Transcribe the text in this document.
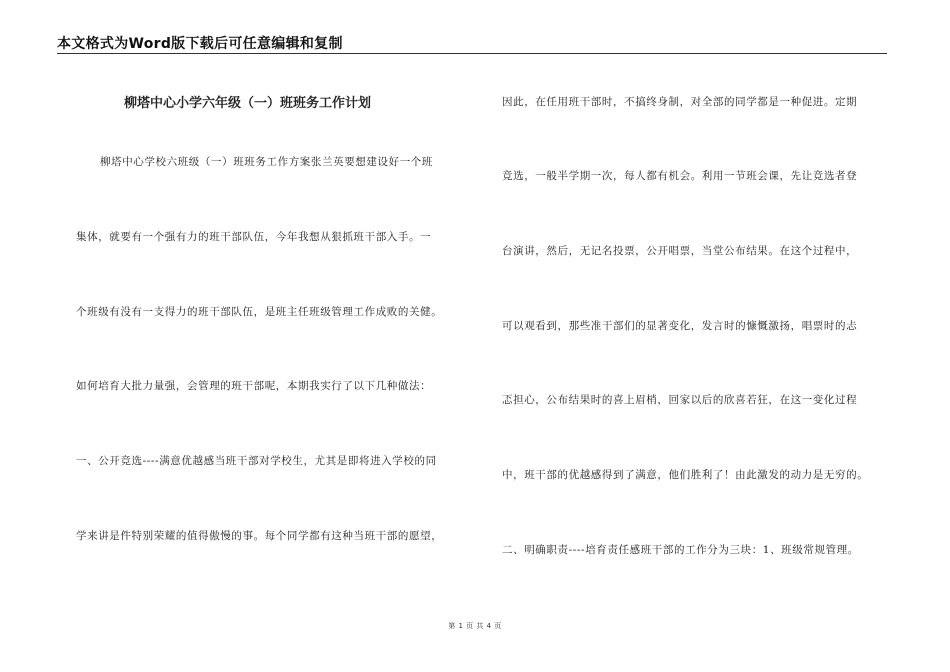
本文格式为Word版下载后可任意编辑和复制
柳塔中心小学六年级（一）班班务工作计划
柳塔中心学校六班级（一）班班务工作方案张兰英要想建设好一个班
集体，就要有一个强有力的班干部队伍，今年我想从狠抓班干部入手。一
个班级有没有一支得力的班干部队伍，是班主任班级管理工作成败的关健。
如何培育大批力量强，会管理的班干部呢，本期我实行了以下几种做法：
一、公开竞选----满意优越感当班干部对学校生，尤其是即将进入学校的同
学来讲是件特别荣耀的值得傲慢的事。每个同学都有这种当班干部的愿望，
因此，在任用班干部时，不搞终身制，对全部的同学都是一种促进。定期
竞选，一般半学期一次，每人都有机会。利用一节班会课，先让竞选者登
台演讲，然后，无记名投票，公开唱票，当堂公布结果。在这个过程中，
可以观看到，那些准干部们的显著变化，发言时的慷慨激扬，唱票时的忐
忑担心，公布结果时的喜上眉梢，回家以后的欣喜若狂，在这一变化过程
中，班干部的优越感得到了满意，他们胜利了！由此激发的动力是无穷的。
二、明确职责----培育责任感班干部的工作分为三块：1、班级常规管理。
第 1 页 共 4 页
